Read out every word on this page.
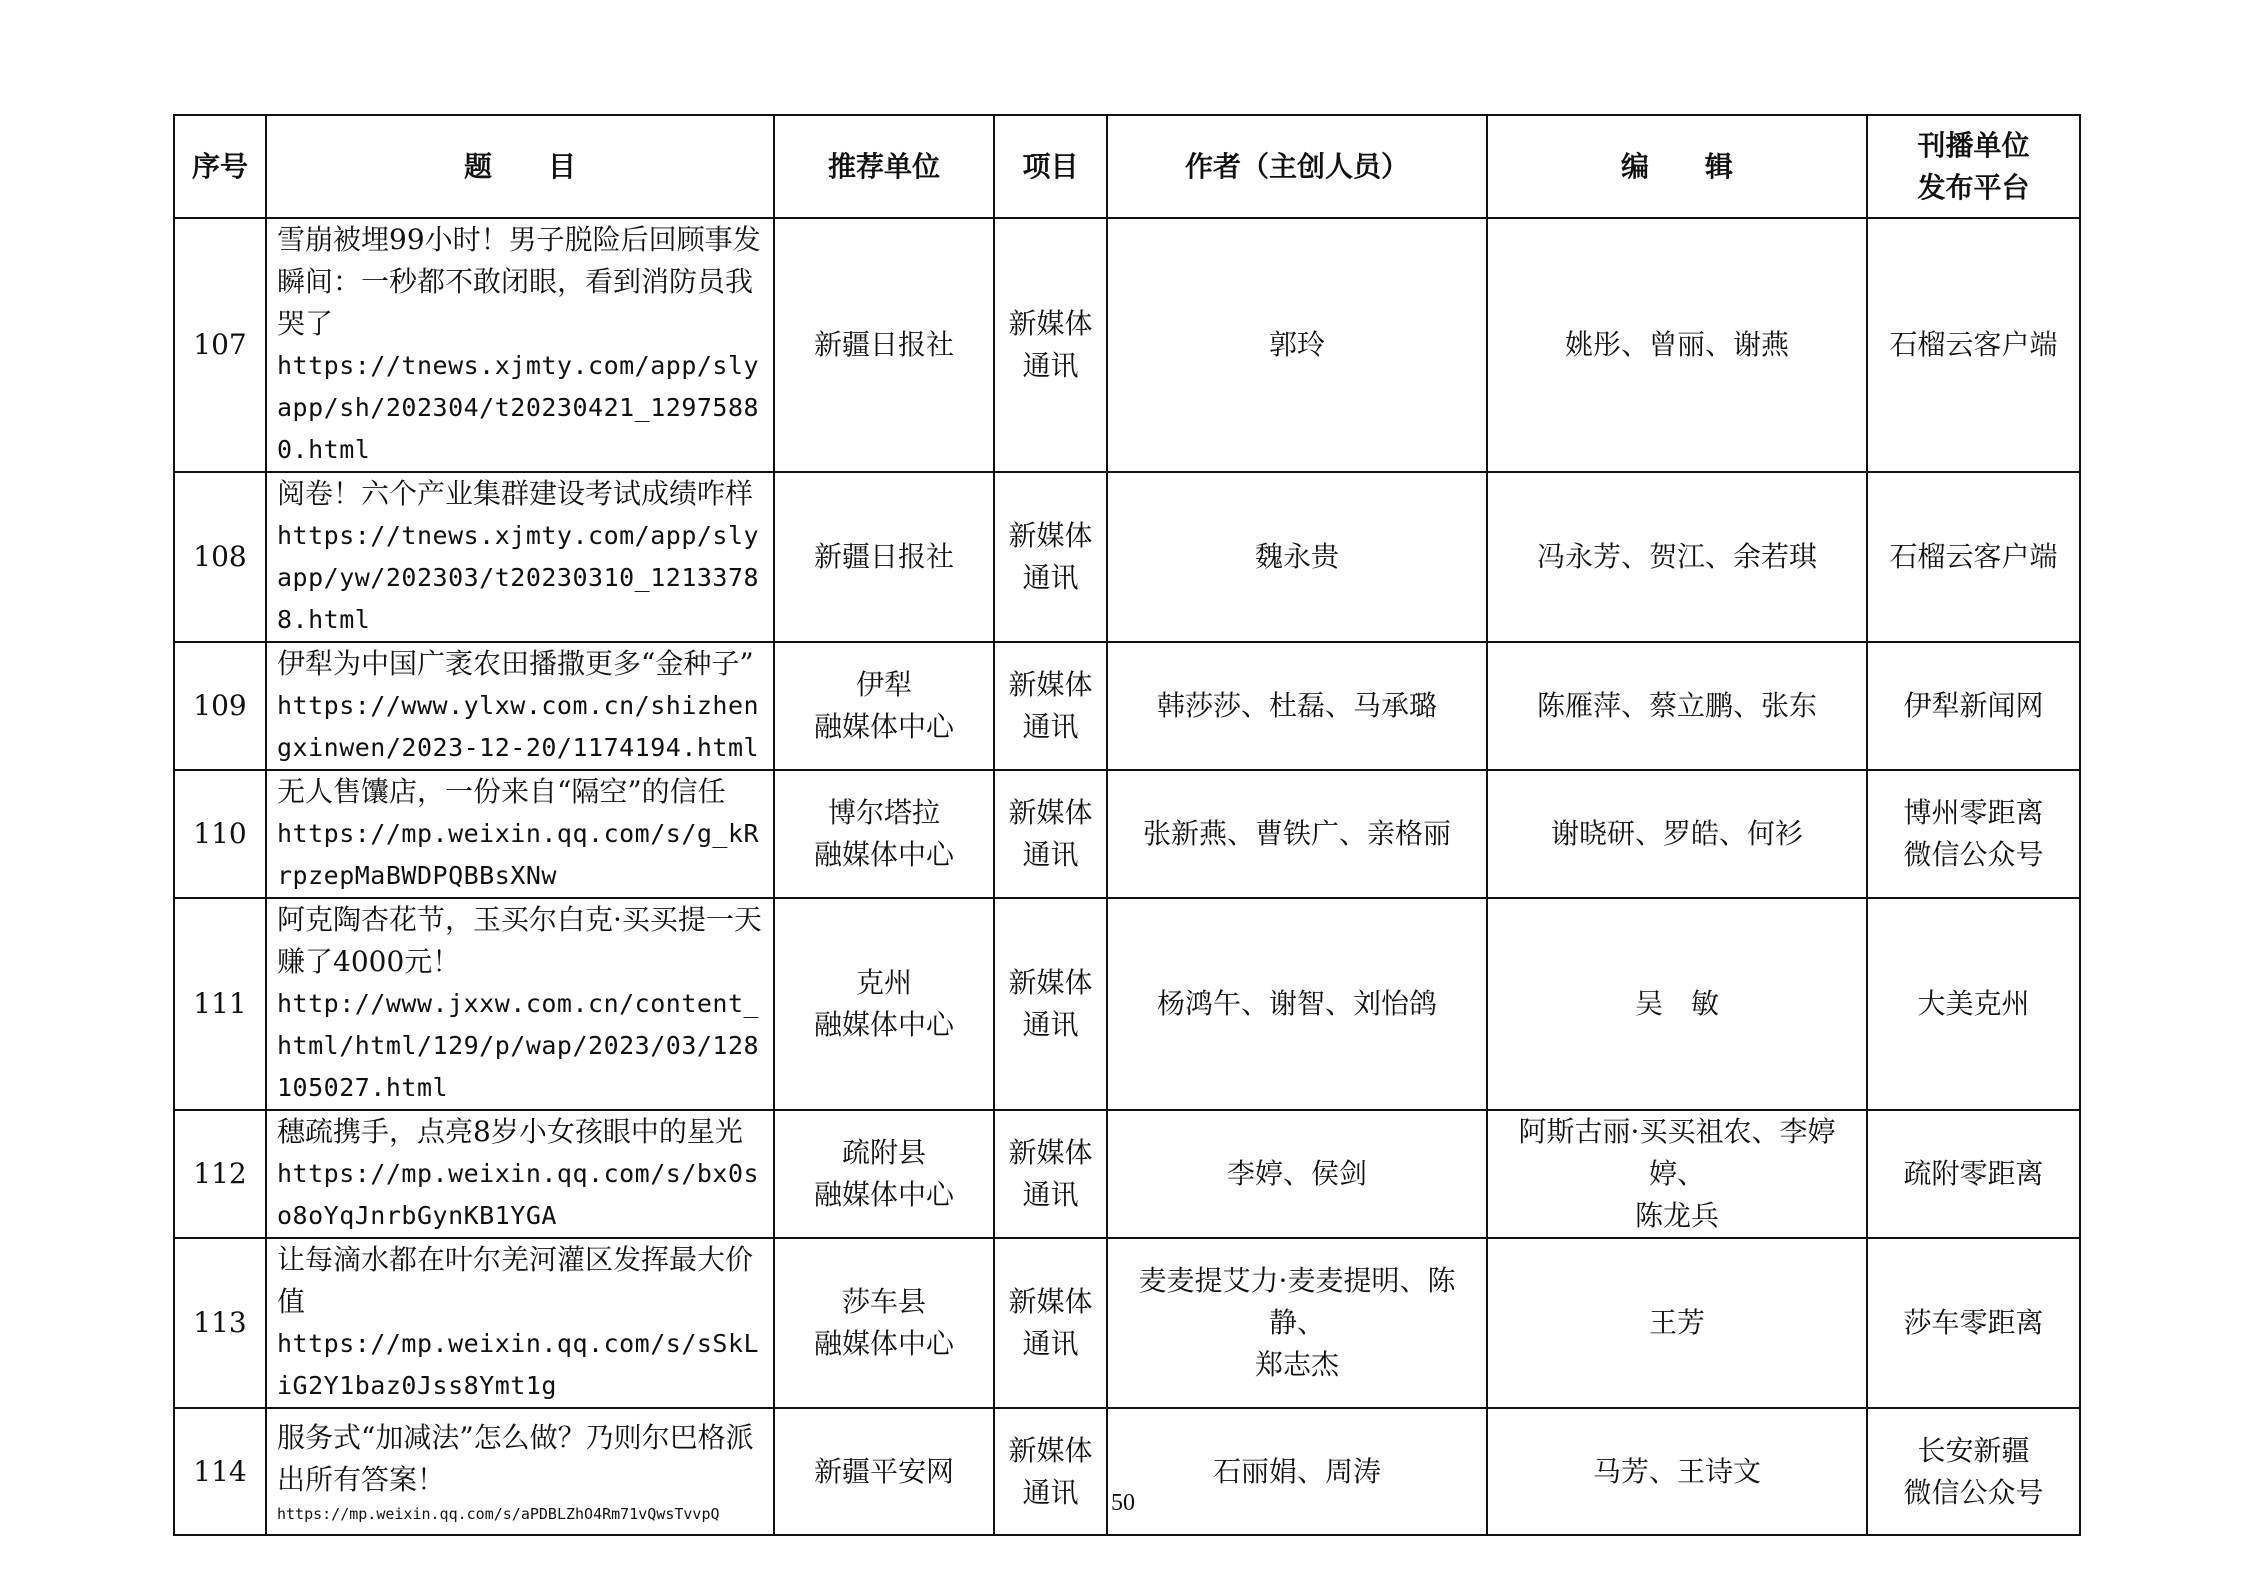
序号	题　　目	推荐单位	项目	作者（主创人员）	编　　辑	刊播单位
发布平台

107	雪崩被埋99小时！男子脱险后回顾事发瞬间：一秒都不敢闭眼，看到消防员我哭了
https://tnews.xjmty.com/app/slyapp/sh/202304/t20230421_12975880.html	新疆日报社	新媒体
通讯	郭玲	姚彤、曾丽、谢燕	石榴云客户端

108	阅卷！六个产业集群建设考试成绩咋样
https://tnews.xjmty.com/app/slyapp/yw/202303/t20230310_12133788.html	新疆日报社	新媒体
通讯	魏永贵	冯永芳、贺江、余若琪	石榴云客户端

109	伊犁为中国广袤农田播撒更多“金种子”
https://www.ylxw.com.cn/shizhengxinwen/2023-12-20/1174194.html	伊犁
融媒体中心	新媒体
通讯	韩莎莎、杜磊、马承璐	陈雁萍、蔡立鹏、张东	伊犁新闻网

110	无人售馕店，一份来自“隔空”的信任
https://mp.weixin.qq.com/s/g_kRrpzepMaBWDPQBBsXNw	博尔塔拉
融媒体中心	新媒体
通讯	张新燕、曹铁广、亲格丽	谢晓研、罗皓、何衫	博州零距离
微信公众号

111	阿克陶杏花节，玉买尔白克·买买提一天赚了4000元！
http://www.jxxw.com.cn/content_html/html/129/p/wap/2023/03/128105027.html	克州
融媒体中心	新媒体
通讯	杨鸿午、谢智、刘怡鸽	吴　敏	大美克州

112	穗疏携手，点亮8岁小女孩眼中的星光
https://mp.weixin.qq.com/s/bx0so8oYqJnrbGynKB1YGA	疏附县
融媒体中心	新媒体
通讯	李婷、侯剑	阿斯古丽·买买祖农、李婷婷、
陈龙兵	疏附零距离

113	让每滴水都在叶尔羌河灌区发挥最大价值
https://mp.weixin.qq.com/s/sSkLiG2Y1baz0Jss8Ymt1g	莎车县
融媒体中心	新媒体
通讯	麦麦提艾力·麦麦提明、陈静、
郑志杰	王芳	莎车零距离

114	服务式“加减法”怎么做？乃则尔巴格派出所有答案！
https://mp.weixin.qq.com/s/aPDBLZhO4Rm71vQwsTvvpQ	新疆平安网	新媒体
通讯	石丽娟、周涛	马芳、王诗文	长安新疆
微信公众号
50
